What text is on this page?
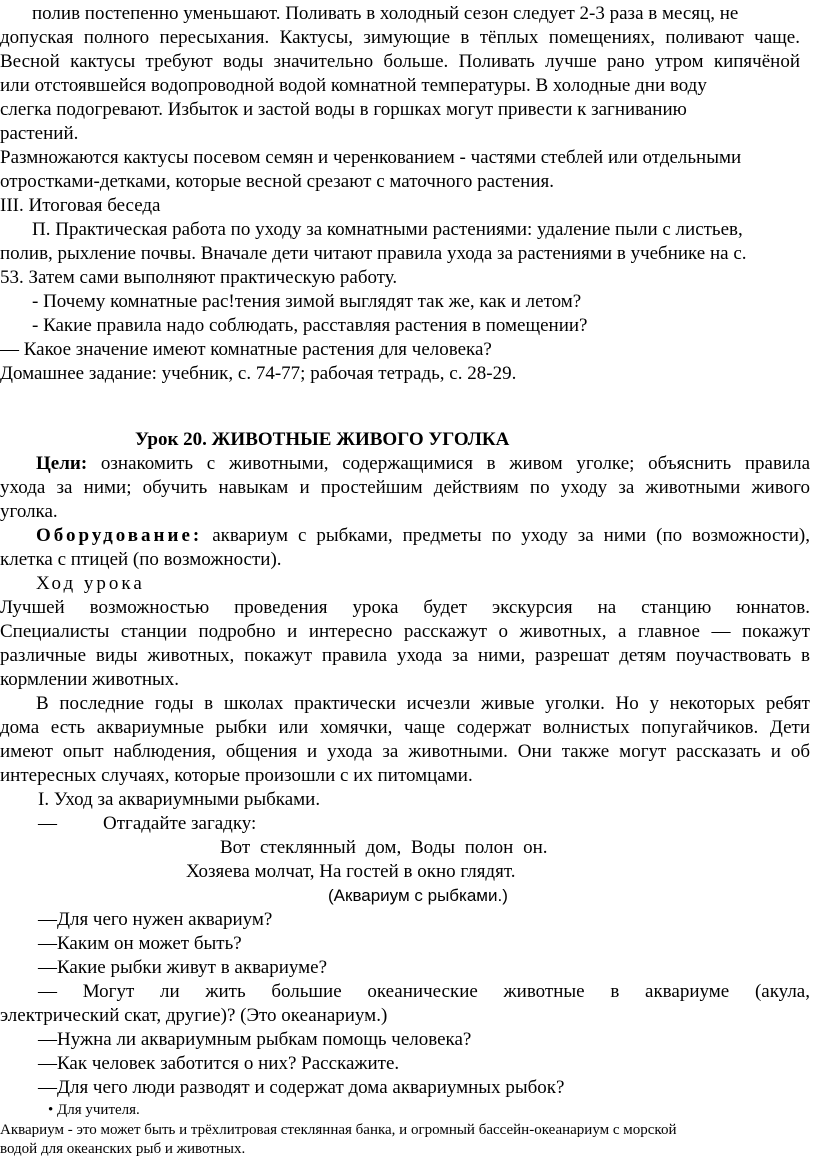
полив постепенно уменьшают. Поливать в холодный сезон следует 2-3 раза в месяц, не
допуская полного пересыхания. Кактусы, зимующие в тёплых помещениях, поливают чаще.
Весной кактусы требуют воды значительно больше. Поливать лучше рано утром кипячёной
или отстоявшейся водопроводной водой комнатной температуры. В холодные дни воду
слегка подогревают. Избыток и застой воды в горшках могут привести к загниванию
растений.
Размножаются кактусы посевом семян и черенкованием - частями стеблей или отдельными
отростками-детками, которые весной срезают с маточного растения.
III. Итоговая беседа
П. Практическая работа по уходу за комнатными растениями: удаление пыли с листьев,
полив, рыхление почвы. Вначале дети читают правила ухода за растениями в учебнике на с.
53. Затем сами выполняют практическую работу.
- Почему комнатные рас!тения зимой выглядят так же, как и летом?
- Какие правила надо соблюдать, расставляя растения в помещении?
— Какое значение имеют комнатные растения для человека?
Домашнее задание: учебник, с. 74-77; рабочая тетрадь, с. 28-29.
Урок 20. ЖИВОТНЫЕ ЖИВОГО УГОЛКА
Цели: ознакомить с животными, содержащимися в живом уголке; объяснить правила
ухода за ними; обучить навыкам и простейшим действиям по уходу за животными живого
уголка.
Оборудование: аквариум с рыбками, предметы по уходу за ними (по возможности),
клетка с птицей (по возможности).
Ход урока
Лучшей возможностью проведения урока будет экскурсия на станцию юннатов.
Специалисты станции подробно и интересно расскажут о животных, а главное — покажут
различные виды животных, покажут правила ухода за ними, разрешат детям поучаствовать в
кормлении животных.
В последние годы в школах практически исчезли живые уголки. Но у некоторых ребят
дома есть аквариумные рыбки или хомячки, чаще содержат волнистых попугайчиков. Дети
имеют опыт наблюдения, общения и ухода за животными. Они также могут рассказать и об
интересных случаях, которые произошли с их питомцами.
I. Уход за аквариумными рыбками.
—	Отгадайте загадку:
Вот стеклянный дом, Воды полон он.
Хозяева молчат, На гостей в окно глядят.
(Аквариум с рыбками.)
—Для чего нужен аквариум?
—Каким он может быть?
—Какие рыбки живут в аквариуме?
— Могут ли жить большие океанические животные в аквариуме (акула,
электрический скат, другие)? (Это океанариум.)
—Нужна ли аквариумным рыбкам помощь человека?
—Как человек заботится о них? Расскажите.
—Для чего люди разводят и содержат дома аквариумных рыбок?
• Для учителя.
Аквариум - это может быть и трёхлитровая стеклянная банка, и огромный бассейн-океанариум с морской
водой для океанских рыб и животных.
